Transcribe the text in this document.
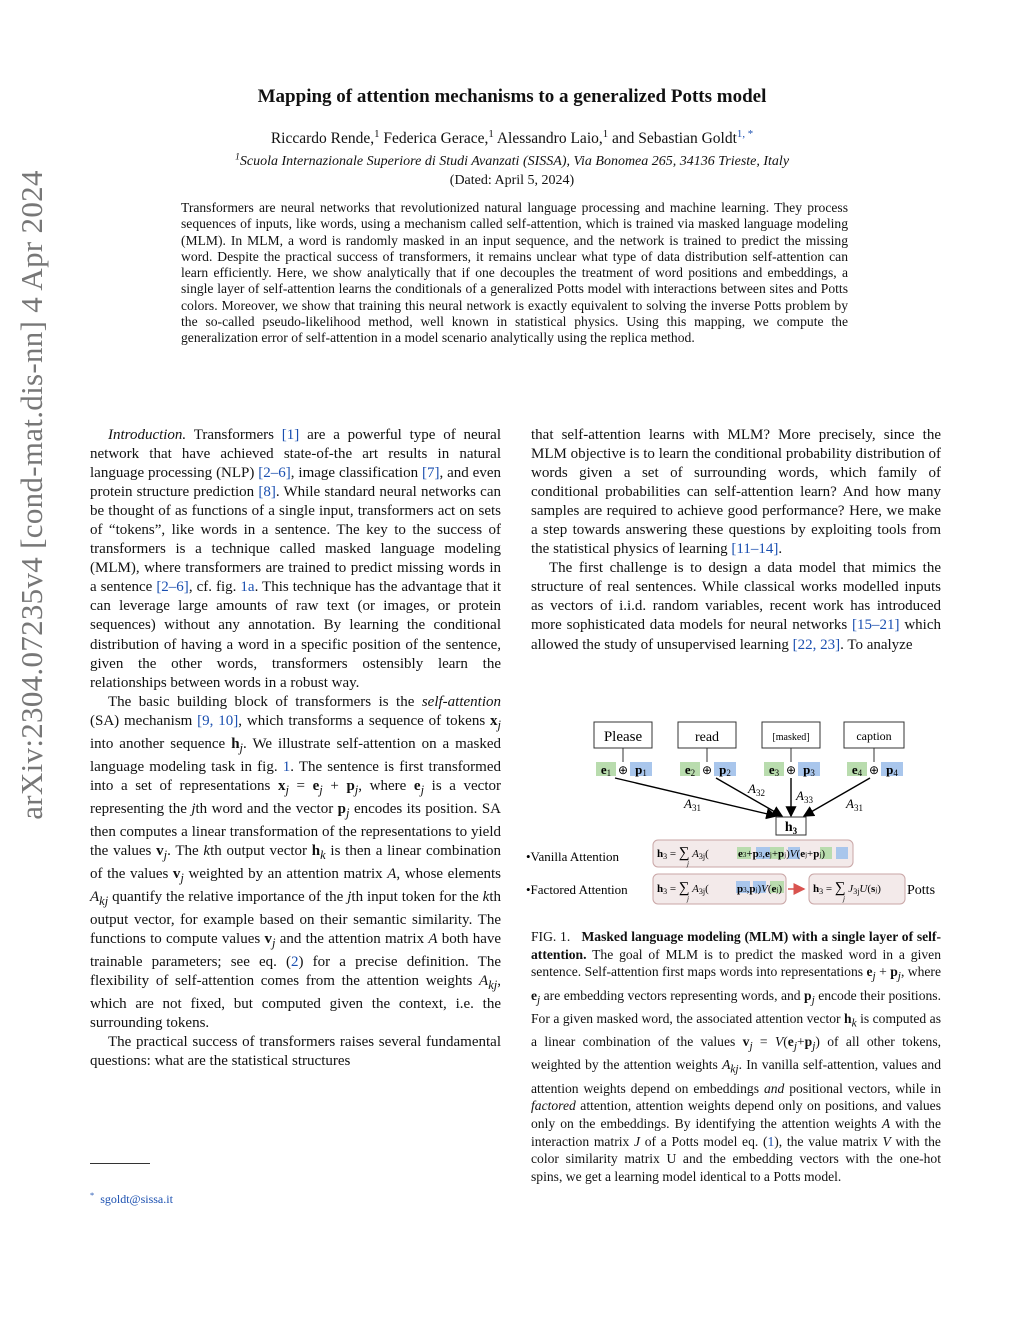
arXiv:2304.07235v4 [cond-mat.dis-nn] 4 Apr 2024
Mapping of attention mechanisms to a generalized Potts model
Riccardo Rende,$^1$ Federica Gerace,$^1$ Alessandro Laio,$^1$ and Sebastian Goldt$^{1, *}$
$^1$Scuola Internazionale Superiore di Studi Avanzati (SISSA), Via Bonomea 265, 34136 Trieste, Italy
(Dated: April 5, 2024)
Transformers are neural networks that revolutionized natural language processing and machine learning. They process sequences of inputs, like words, using a mechanism called self-attention, which is trained via masked language modeling (MLM). In MLM, a word is randomly masked in an input sequence, and the network is trained to predict the missing word. Despite the practical success of transformers, it remains unclear what type of data distribution self-attention can learn efficiently. Here, we show analytically that if one decouples the treatment of word positions and embeddings, a single layer of self-attention learns the conditionals of a generalized Potts model with interactions between sites and Potts colors. Moreover, we show that training this neural network is exactly equivalent to solving the inverse Potts problem by the so-called pseudo-likelihood method, well known in statistical physics. Using this mapping, we compute the generalization error of self-attention in a model scenario analytically using the replica method.

Introduction. Transformers [1] are a powerful type of neural network that have achieved state-of-the art results in natural language processing (NLP) [2–6], image classification [7], and even protein structure prediction [8]. While standard neural networks can be thought of as functions of a single input, transformers act on sets of “tokens”, like words in a sentence. The key to the success of transformers is a technique called masked language modeling (MLM), where transformers are trained to predict missing words in a sentence [2–6], cf. fig. 1a. This technique has the advantage that it can leverage large amounts of raw text (or images, or protein sequences) without any annotation. By learning the conditional distribution of having a word in a specific position of the sentence, given the other words, transformers ostensibly learn the relationships between words in a robust way.

The basic building block of transformers is the self-attention (SA) mechanism [9, 10], which transforms a sequence of tokens $x_j$ into another sequence $h_j$. We illustrate self-attention on a masked language modeling task in fig. 1. The sentence is first transformed into a set of representations $x_j = e_j + p_j$, where $e_j$ is a vector representing the jth word and the vector $p_j$ encodes its position. SA then computes a linear transformation of the representations to yield the values $v_j$. The kth output vector $h_k$ is then a linear combination of the values $v_j$ weighted by an attention matrix A, whose elements $A_{kj}$ quantify the relative importance of the jth input token for the kth output vector, for example based on their semantic similarity. The functions to compute values $v_j$ and the attention matrix A both have trainable parameters; see eq. (2) for a precise definition. The flexibility of self-attention comes from the attention weights $A_{kj}$, which are not fixed, but computed given the context, i.e. the surrounding tokens.

The practical success of transformers raises several fundamental questions: what are the statistical structures

that self-attention learns with MLM? More precisely, since the MLM objective is to learn the conditional probability distribution of words given a set of surrounding words, which family of conditional probabilities can self-attention learn? And how many samples are required to achieve good performance? Here, we make a step towards answering these questions by exploiting tools from the statistical physics of learning [11–14].

The first challenge is to design a data model that mimics the structure of real sentences. While classical works modelled inputs as vectors of i.i.d. random variables, recent work has introduced more sophisticated data models for neural networks [15–21] which allowed the study of unsupervised learning [22, 23]. To analyze

Please	read	[masked]	caption
e1 ⊕ p1	e2 ⊕ p2	e3 ⊕ p3	e4 ⊕ p4
$A_{31}$
$A_{32}$ $A_{33}$	$A_{31}$
$h_3$
•Vanilla Attention	h3 = ∑ A3j(	e3+p3,ej+pj)V(ej+pj)
j
•Factored Attention	h3 = ∑ A3j(	p3,pj)V(ej)
j
h3 = ∑ J3jU(sj)
j
Potts
FIG. 1. Masked language modeling (MLM) with a single layer of self-attention. The goal of MLM is to predict the masked word in a given sentence. Self-attention first maps words into representations $e_j + p_j$, where $e_j$ are embedding vectors representing words, and $p_j$ encode their positions. For a given masked word, the associated attention vector $h_k$ is computed as a linear combination of the values $v_j = V(e_j+p_j)$ of all other tokens, weighted by the attention weights $A_{kj}$. In vanilla self-attention, values and attention weights depend on embeddings and positional vectors, while in factored attention, attention weights depend only on positions, and values only on the embeddings. By identifying the attention weights A with the interaction matrix J of a Potts model eq. (1), the value matrix V with the color similarity matrix U and the embedding vectors with the one-hot spins, we get a learning model identical to a Potts model.
* sgoldt@sissa.it
